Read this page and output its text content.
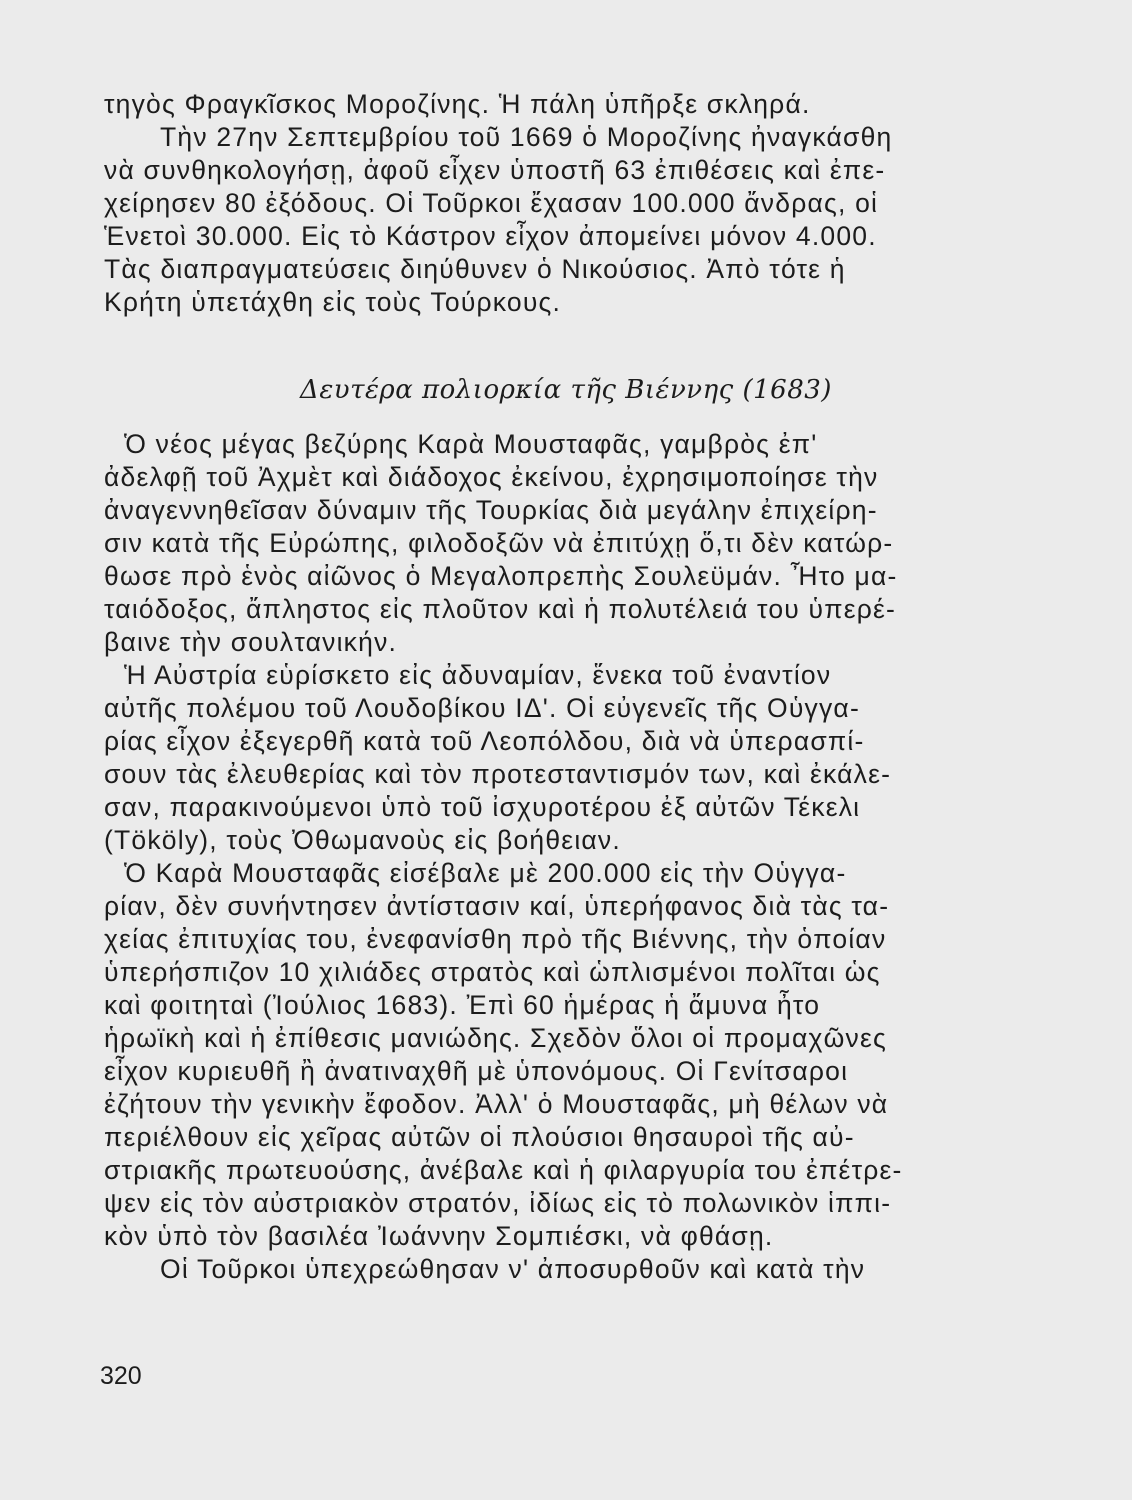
τηγὸς Φραγκῖσκος Μοροζίνης. Ἡ πάλη ὑπῆρξε σκληρά.
Τὴν 27ην Σεπτεμβρίου τοῦ 1669 ὁ Μοροζίνης ἠναγκάσθη
νὰ συνθηκολογήσῃ, ἀφοῦ εἶχεν ὑποστῆ 63 ἐπιθέσεις καὶ ἐπε-
χείρησεν 80 ἐξόδους. Οἱ Τοῦρκοι ἔχασαν 100.000 ἄνδρας, οἱ
Ἑνετοὶ 30.000. Εἰς τὸ Κάστρον εἶχον ἀπομείνει μόνον 4.000.
Τὰς διαπραγματεύσεις διηύθυνεν ὁ Νικούσιος. Ἀπὸ τότε ἡ
Κρήτη ὑπετάχθη εἰς τοὺς Τούρκους.
Δευτέρα πολιορκία τῆς Βιέννης (1683)
Ὁ νέος μέγας βεζύρης Καρὰ Μουσταφᾶς, γαμβρὸς ἐπ'
ἀδελφῇ τοῦ Ἀχμὲτ καὶ διάδοχος ἐκείνου, ἐχρησιμοποίησε τὴν
ἀναγεννηθεῖσαν δύναμιν τῆς Τουρκίας διὰ μεγάλην ἐπιχείρη-
σιν κατὰ τῆς Εὐρώπης, φιλοδοξῶν νὰ ἐπιτύχῃ ὅ,τι δὲν κατώρ-
θωσε πρὸ ἑνὸς αἰῶνος ὁ Μεγαλοπρεπὴς Σουλεϋμάν. Ἦτο μα-
ταιόδοξος, ἄπληστος εἰς πλοῦτον καὶ ἡ πολυτέλειά του ὑπερέ-
βαινε τὴν σουλτανικήν.
Ἡ Αὐστρία εὑρίσκετο εἰς ἀδυναμίαν, ἕνεκα τοῦ ἐναντίον
αὐτῆς πολέμου τοῦ Λουδοβίκου ΙΔ'. Οἱ εὐγενεῖς τῆς Οὑγγα-
ρίας εἶχον ἐξεγερθῆ κατὰ τοῦ Λεοπόλδου, διὰ νὰ ὑπερασπί-
σουν τὰς ἐλευθερίας καὶ τὸν προτεσταντισμόν των, καὶ ἐκάλε-
σαν, παρακινούμενοι ὑπὸ τοῦ ἰσχυροτέρου ἐξ αὐτῶν Τέκελι
(Tököly), τοὺς Ὀθωμανοὺς εἰς βοήθειαν.
Ὁ Καρὰ Μουσταφᾶς εἰσέβαλε μὲ 200.000 εἰς τὴν Οὑγγα-
ρίαν, δὲν συνήντησεν ἀντίστασιν καί, ὑπερήφανος διὰ τὰς τα-
χείας ἐπιτυχίας του, ἐνεφανίσθη πρὸ τῆς Βιέννης, τὴν ὁποίαν
ὑπερήσπιζον 10 χιλιάδες στρατὸς καὶ ὡπλισμένοι πολῖται ὡς
καὶ φοιτηταὶ (Ἰούλιος 1683). Ἐπὶ 60 ἡμέρας ἡ ἄμυνα ἦτο
ἡρωϊκὴ καὶ ἡ ἐπίθεσις μανιώδης. Σχεδὸν ὅλοι οἱ προμαχῶνες
εἶχον κυριευθῆ ἢ ἀνατιναχθῆ μὲ ὑπονόμους. Οἱ Γενίτσαροι
ἐζήτουν τὴν γενικὴν ἔφοδον. Ἀλλ' ὁ Μουσταφᾶς, μὴ θέλων νὰ
περιέλθουν εἰς χεῖρας αὐτῶν οἱ πλούσιοι θησαυροὶ τῆς αὐ-
στριακῆς πρωτευούσης, ἀνέβαλε καὶ ἡ φιλαργυρία του ἐπέτρε-
ψεν εἰς τὸν αὐστριακὸν στρατόν, ἰδίως εἰς τὸ πολωνικὸν ἱππι-
κὸν ὑπὸ τὸν βασιλέα Ἰωάννην Σομπιέσκι, νὰ φθάσῃ.
Οἱ Τοῦρκοι ὑπεχρεώθησαν ν' ἀποσυρθοῦν καὶ κατὰ τὴν
320
